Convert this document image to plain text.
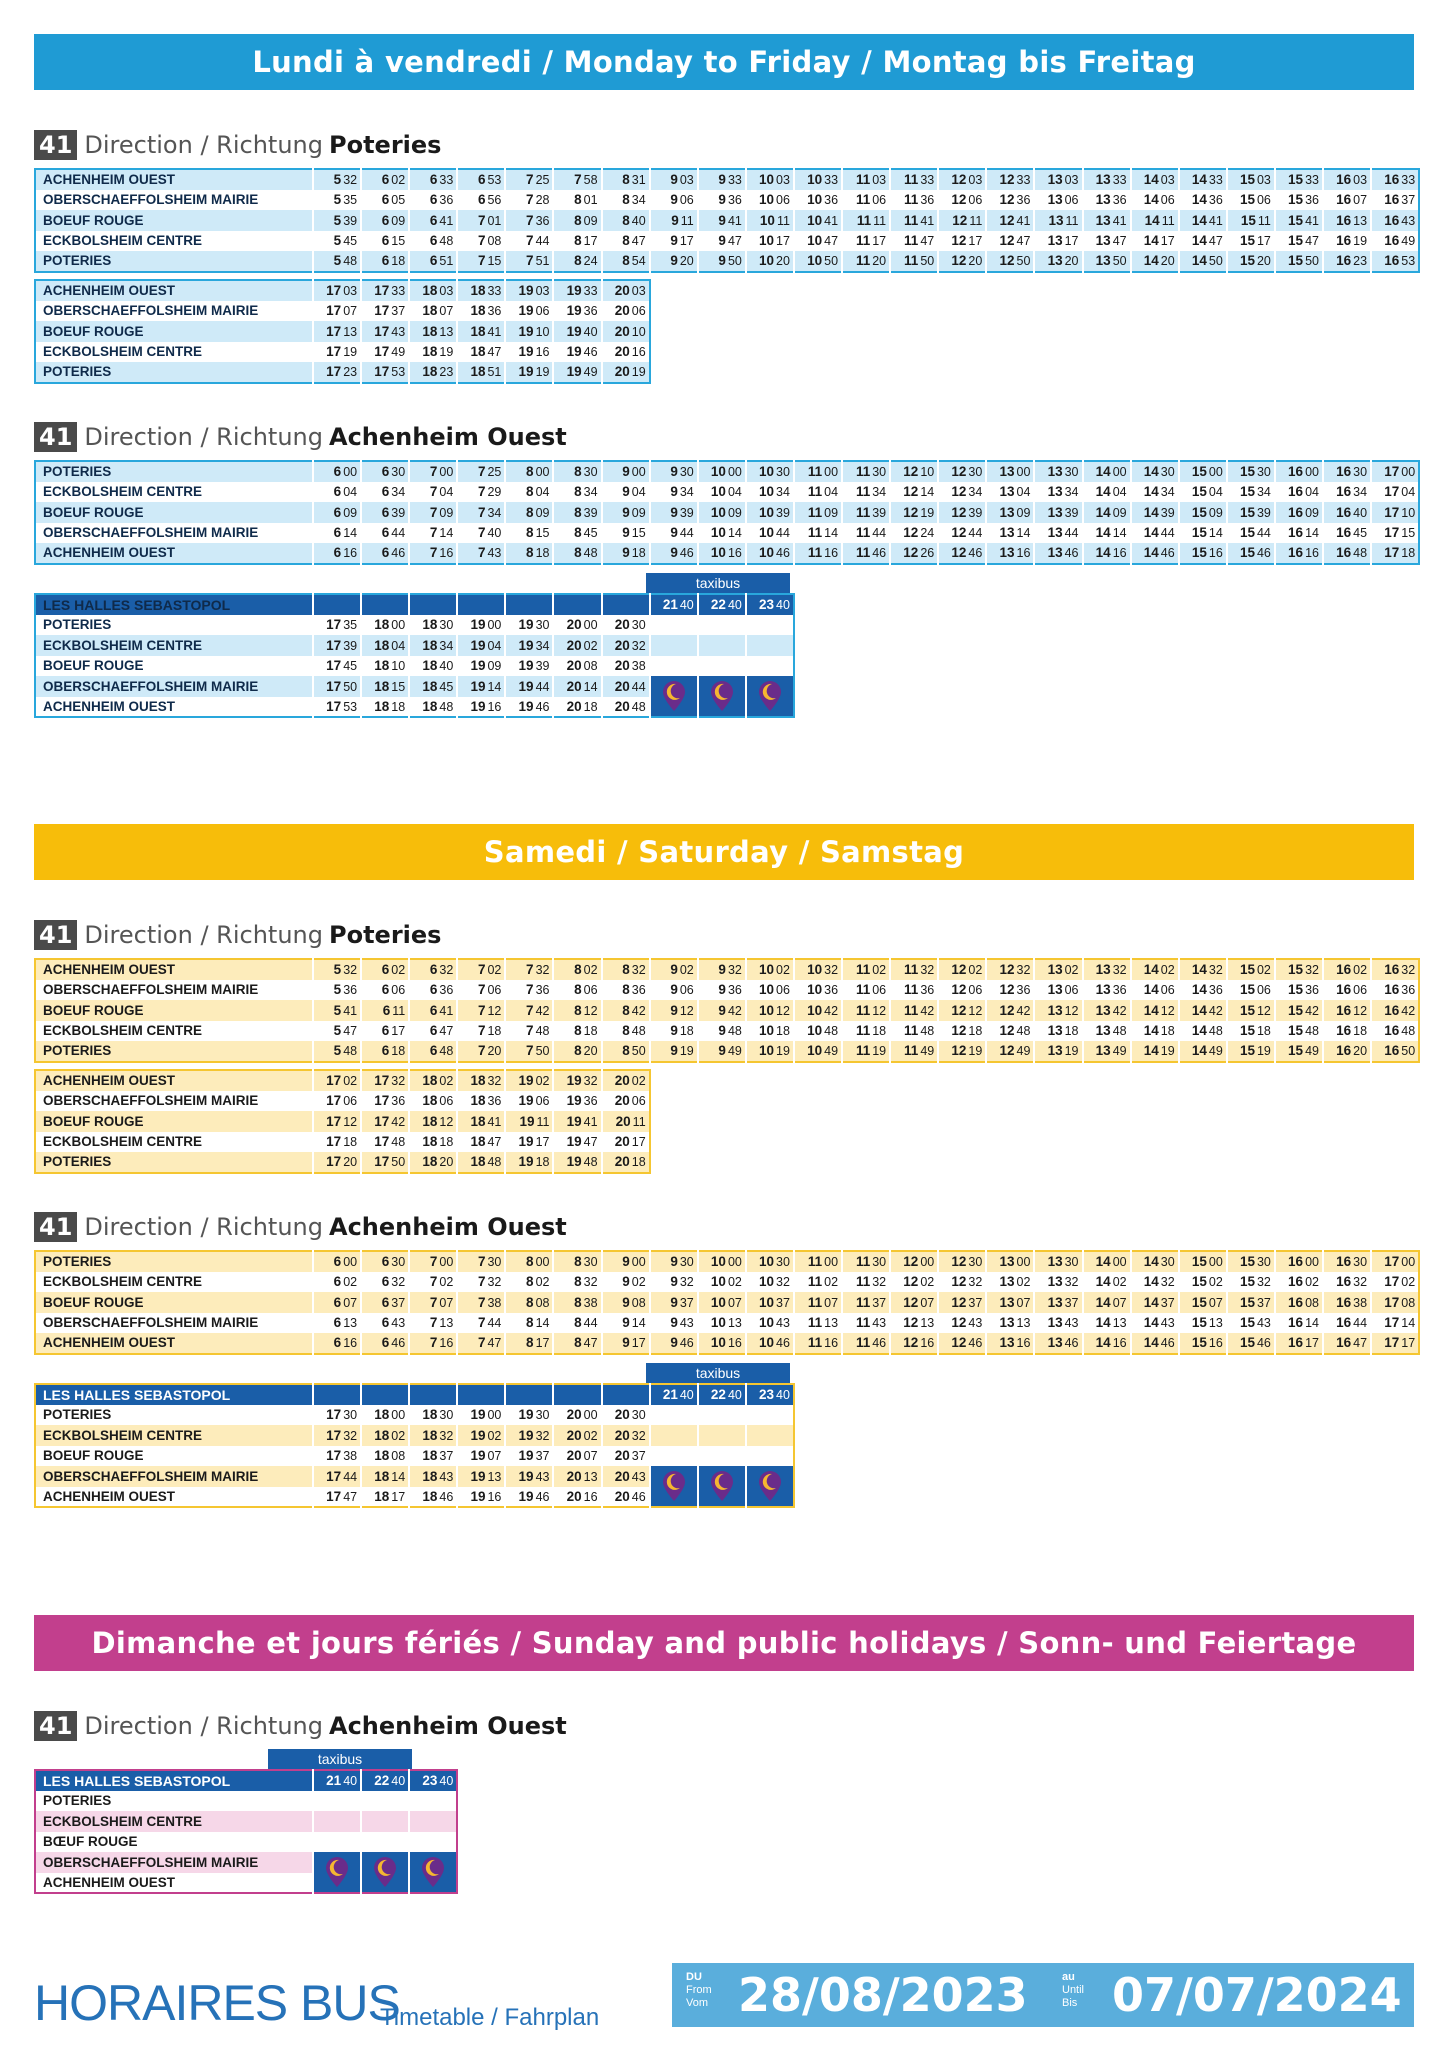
Lundi à vendredi / Monday to Friday / Montag bis Freitag
41 Direction / Richtung Poteries
ACHENHEIM OUEST	5 32	6 02	6 33	6 53	7 25	7 58	8 31	9 03	9 33	10 03	10 33	11 03	11 33	12 03	12 33	13 03	13 33	14 03	14 33	15 03	15 33	16 03	16 33
OBERSCHAEFFOLSHEIM MAIRIE	5 35	6 05	6 36	6 56	7 28	8 01	8 34	9 06	9 36	10 06	10 36	11 06	11 36	12 06	12 36	13 06	13 36	14 06	14 36	15 06	15 36	16 07	16 37
BOEUF ROUGE	5 39	6 09	6 41	7 01	7 36	8 09	8 40	9 11	9 41	10 11	10 41	11 11	11 41	12 11	12 41	13 11	13 41	14 11	14 41	15 11	15 41	16 13	16 43
ECKBOLSHEIM CENTRE	5 45	6 15	6 48	7 08	7 44	8 17	8 47	9 17	9 47	10 17	10 47	11 17	11 47	12 17	12 47	13 17	13 47	14 17	14 47	15 17	15 47	16 19	16 49
POTERIES	5 48	6 18	6 51	7 15	7 51	8 24	8 54	9 20	9 50	10 20	10 50	11 20	11 50	12 20	12 50	13 20	13 50	14 20	14 50	15 20	15 50	16 23	16 53
ACHENHEIM OUEST	17 03	17 33	18 03	18 33	19 03	19 33	20 03
OBERSCHAEFFOLSHEIM MAIRIE	17 07	17 37	18 07	18 36	19 06	19 36	20 06
BOEUF ROUGE	17 13	17 43	18 13	18 41	19 10	19 40	20 10
ECKBOLSHEIM CENTRE	17 19	17 49	18 19	18 47	19 16	19 46	20 16
POTERIES	17 23	17 53	18 23	18 51	19 19	19 49	20 19
41 Direction / Richtung Achenheim Ouest
POTERIES	6 00	6 30	7 00	7 25	8 00	8 30	9 00	9 30	10 00	10 30	11 00	11 30	12 10	12 30	13 00	13 30	14 00	14 30	15 00	15 30	16 00	16 30	17 00
ECKBOLSHEIM CENTRE	6 04	6 34	7 04	7 29	8 04	8 34	9 04	9 34	10 04	10 34	11 04	11 34	12 14	12 34	13 04	13 34	14 04	14 34	15 04	15 34	16 04	16 34	17 04
BOEUF ROUGE	6 09	6 39	7 09	7 34	8 09	8 39	9 09	9 39	10 09	10 39	11 09	11 39	12 19	12 39	13 09	13 39	14 09	14 39	15 09	15 39	16 09	16 40	17 10
OBERSCHAEFFOLSHEIM MAIRIE	6 14	6 44	7 14	7 40	8 15	8 45	9 15	9 44	10 14	10 44	11 14	11 44	12 24	12 44	13 14	13 44	14 14	14 44	15 14	15 44	16 14	16 45	17 15
ACHENHEIM OUEST	6 16	6 46	7 16	7 43	8 18	8 48	9 18	9 46	10 16	10 46	11 16	11 46	12 26	12 46	13 16	13 46	14 16	14 46	15 16	15 46	16 16	16 48	17 18
taxibus
LES HALLES SEBASTOPOL								21 40	22 40	23 40
POTERIES	17 35	18 00	18 30	19 00	19 30	20 00	20 30			
ECKBOLSHEIM CENTRE	17 39	18 04	18 34	19 04	19 34	20 02	20 32			
BOEUF ROUGE	17 45	18 10	18 40	19 09	19 39	20 08	20 38			
OBERSCHAEFFOLSHEIM MAIRIE	17 50	18 15	18 45	19 14	19 44	20 14	20 44	

ACHENHEIM OUEST	17 53	18 18	18 48	19 16	19 46	20 18	20 48			
Samedi / Saturday / Samstag
41 Direction / Richtung Poteries
ACHENHEIM OUEST	5 32	6 02	6 32	7 02	7 32	8 02	8 32	9 02	9 32	10 02	10 32	11 02	11 32	12 02	12 32	13 02	13 32	14 02	14 32	15 02	15 32	16 02	16 32
OBERSCHAEFFOLSHEIM MAIRIE	5 36	6 06	6 36	7 06	7 36	8 06	8 36	9 06	9 36	10 06	10 36	11 06	11 36	12 06	12 36	13 06	13 36	14 06	14 36	15 06	15 36	16 06	16 36
BOEUF ROUGE	5 41	6 11	6 41	7 12	7 42	8 12	8 42	9 12	9 42	10 12	10 42	11 12	11 42	12 12	12 42	13 12	13 42	14 12	14 42	15 12	15 42	16 12	16 42
ECKBOLSHEIM CENTRE	5 47	6 17	6 47	7 18	7 48	8 18	8 48	9 18	9 48	10 18	10 48	11 18	11 48	12 18	12 48	13 18	13 48	14 18	14 48	15 18	15 48	16 18	16 48
POTERIES	5 48	6 18	6 48	7 20	7 50	8 20	8 50	9 19	9 49	10 19	10 49	11 19	11 49	12 19	12 49	13 19	13 49	14 19	14 49	15 19	15 49	16 20	16 50
ACHENHEIM OUEST	17 02	17 32	18 02	18 32	19 02	19 32	20 02
OBERSCHAEFFOLSHEIM MAIRIE	17 06	17 36	18 06	18 36	19 06	19 36	20 06
BOEUF ROUGE	17 12	17 42	18 12	18 41	19 11	19 41	20 11
ECKBOLSHEIM CENTRE	17 18	17 48	18 18	18 47	19 17	19 47	20 17
POTERIES	17 20	17 50	18 20	18 48	19 18	19 48	20 18
41 Direction / Richtung Achenheim Ouest
POTERIES	6 00	6 30	7 00	7 30	8 00	8 30	9 00	9 30	10 00	10 30	11 00	11 30	12 00	12 30	13 00	13 30	14 00	14 30	15 00	15 30	16 00	16 30	17 00
ECKBOLSHEIM CENTRE	6 02	6 32	7 02	7 32	8 02	8 32	9 02	9 32	10 02	10 32	11 02	11 32	12 02	12 32	13 02	13 32	14 02	14 32	15 02	15 32	16 02	16 32	17 02
BOEUF ROUGE	6 07	6 37	7 07	7 38	8 08	8 38	9 08	9 37	10 07	10 37	11 07	11 37	12 07	12 37	13 07	13 37	14 07	14 37	15 07	15 37	16 08	16 38	17 08
OBERSCHAEFFOLSHEIM MAIRIE	6 13	6 43	7 13	7 44	8 14	8 44	9 14	9 43	10 13	10 43	11 13	11 43	12 13	12 43	13 13	13 43	14 13	14 43	15 13	15 43	16 14	16 44	17 14
ACHENHEIM OUEST	6 16	6 46	7 16	7 47	8 17	8 47	9 17	9 46	10 16	10 46	11 16	11 46	12 16	12 46	13 16	13 46	14 16	14 46	15 16	15 46	16 17	16 47	17 17
taxibus
LES HALLES SEBASTOPOL								21 40	22 40	23 40
POTERIES	17 30	18 00	18 30	19 00	19 30	20 00	20 30			
ECKBOLSHEIM CENTRE	17 32	18 02	18 32	19 02	19 32	20 02	20 32			
BOEUF ROUGE	17 38	18 08	18 37	19 07	19 37	20 07	20 37			
OBERSCHAEFFOLSHEIM MAIRIE	17 44	18 14	18 43	19 13	19 43	20 13	20 43	

ACHENHEIM OUEST	17 47	18 17	18 46	19 16	19 46	20 16	20 46			
Dimanche et jours fériés / Sunday and public holidays / Sonn- und Feiertage
41 Direction / Richtung Achenheim Ouest
taxibus
LES HALLES SEBASTOPOL	21 40	22 40	23 40
POTERIES			
ECKBOLSHEIM CENTRE			
BŒUF ROUGE			
OBERSCHAEFFOLSHEIM MAIRIE	

ACHENHEIM OUEST			
HORAIRES BUS
Timetable / Fahrplan
DU
From
Vom 28/08/2023	au
Until
Bis 07/07/2024
